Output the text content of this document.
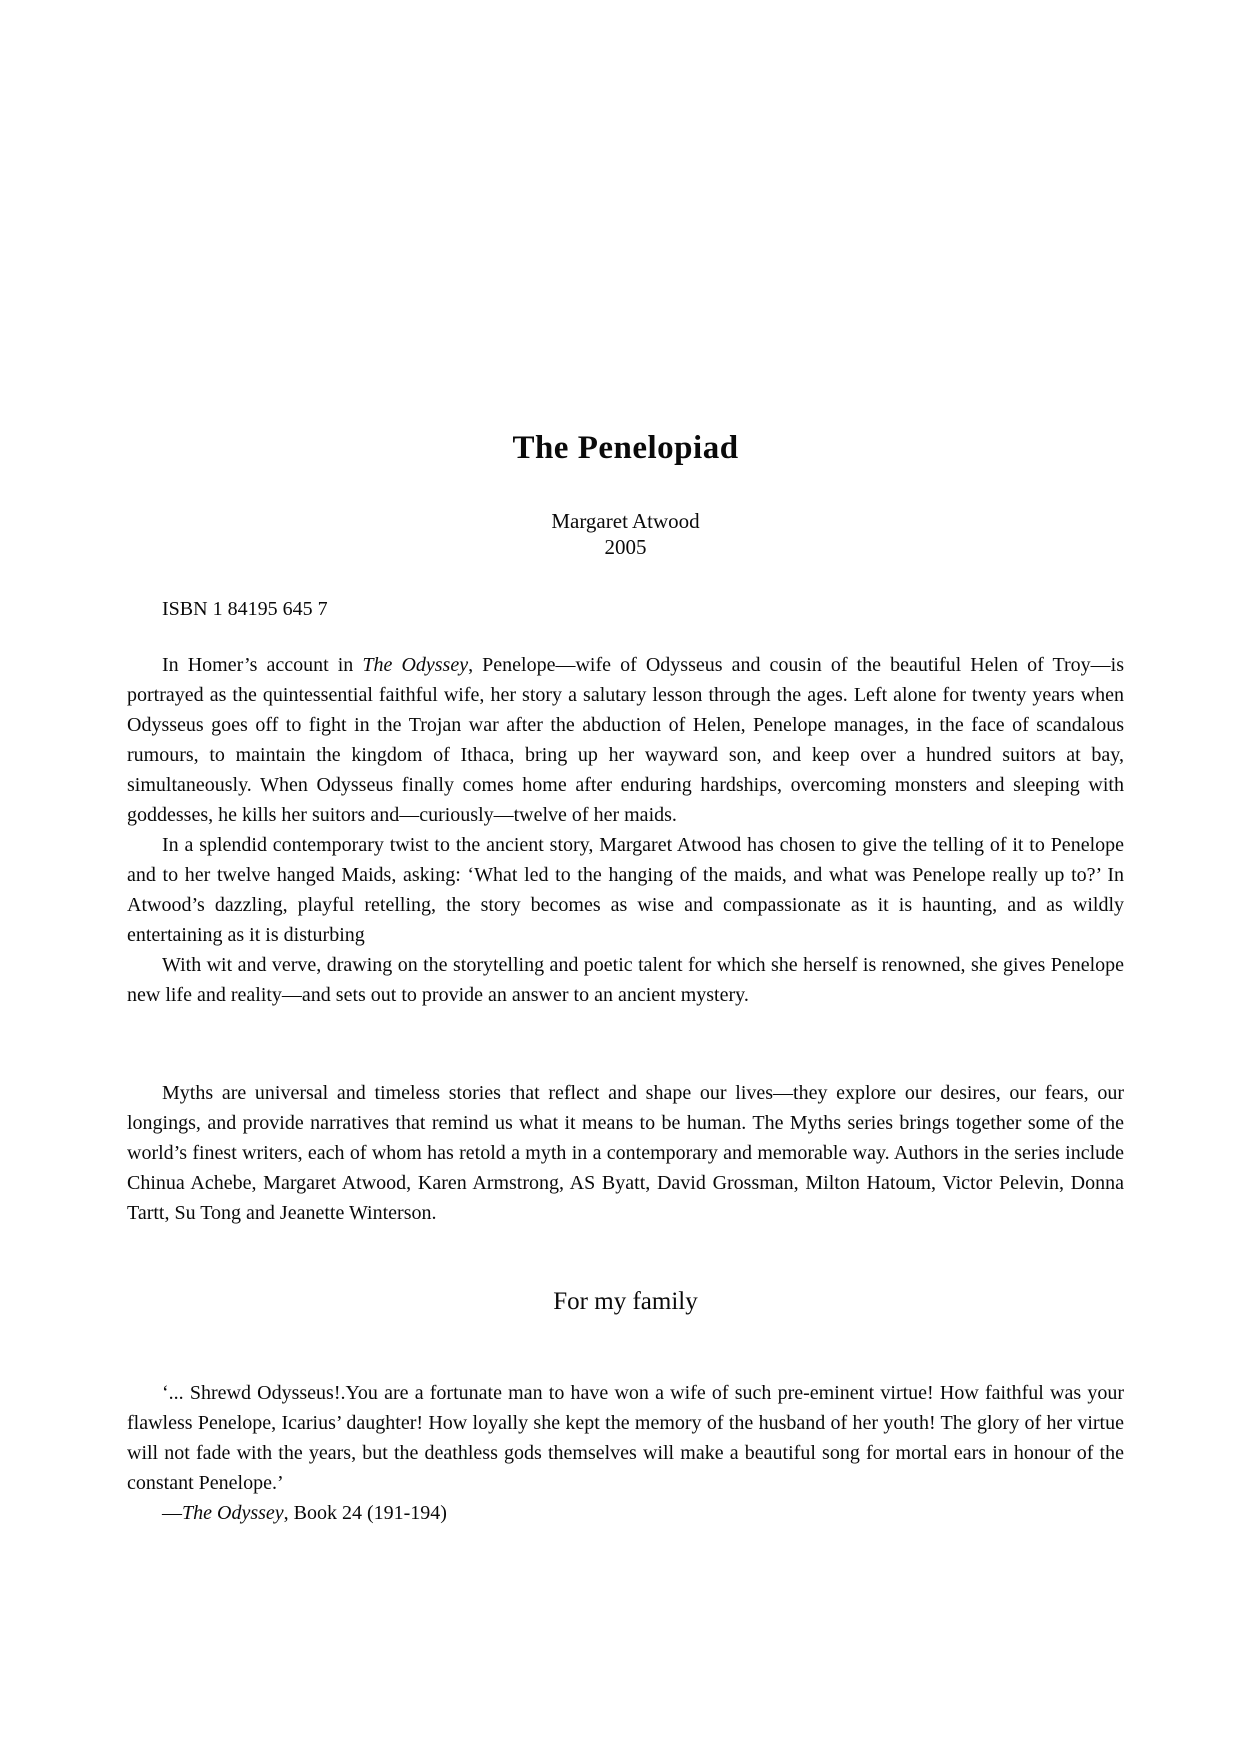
The Penelopiad
Margaret Atwood
2005

ISBN 1 84195 645 7

In Homer’s account in The Odyssey, Penelope—wife of Odysseus and cousin of the beautiful Helen of Troy—is portrayed as the quintessential faithful wife, her story a salutary lesson through the ages. Left alone for twenty years when Odysseus goes off to fight in the Trojan war after the abduction of Helen, Penelope manages, in the face of scandalous rumours, to maintain the kingdom of Ithaca, bring up her wayward son, and keep over a hundred suitors at bay, simultaneously. When Odysseus finally comes home after enduring hardships, overcoming monsters and sleeping with goddesses, he kills her suitors and—curiously—twelve of her maids.

In a splendid contemporary twist to the ancient story, Margaret Atwood has chosen to give the telling of it to Penelope and to her twelve hanged Maids, asking: ‘What led to the hanging of the maids, and what was Penelope really up to?’ In Atwood’s dazzling, playful retelling, the story becomes as wise and compassionate as it is haunting, and as wildly entertaining as it is disturbing

With wit and verve, drawing on the storytelling and poetic talent for which she herself is renowned, she gives Penelope new life and reality—and sets out to provide an answer to an ancient mystery.

Myths are universal and timeless stories that reflect and shape our lives—they explore our desires, our fears, our longings, and provide narratives that remind us what it means to be human. The Myths series brings together some of the world’s finest writers, each of whom has retold a myth in a contemporary and memorable way. Authors in the series include Chinua Achebe, Margaret Atwood, Karen Armstrong, AS Byatt, David Grossman, Milton Hatoum, Victor Pelevin, Donna Tartt, Su Tong and Jeanette Winterson.

For my family

‘... Shrewd Odysseus!.You are a fortunate man to have won a wife of such pre-eminent virtue! How faithful was your flawless Penelope, Icarius’ daughter! How loyally she kept the memory of the husband of her youth! The glory of her virtue will not fade with the years, but the deathless gods themselves will make a beautiful song for mortal ears in honour of the constant Penelope.’

—The Odyssey, Book 24 (191-194)
